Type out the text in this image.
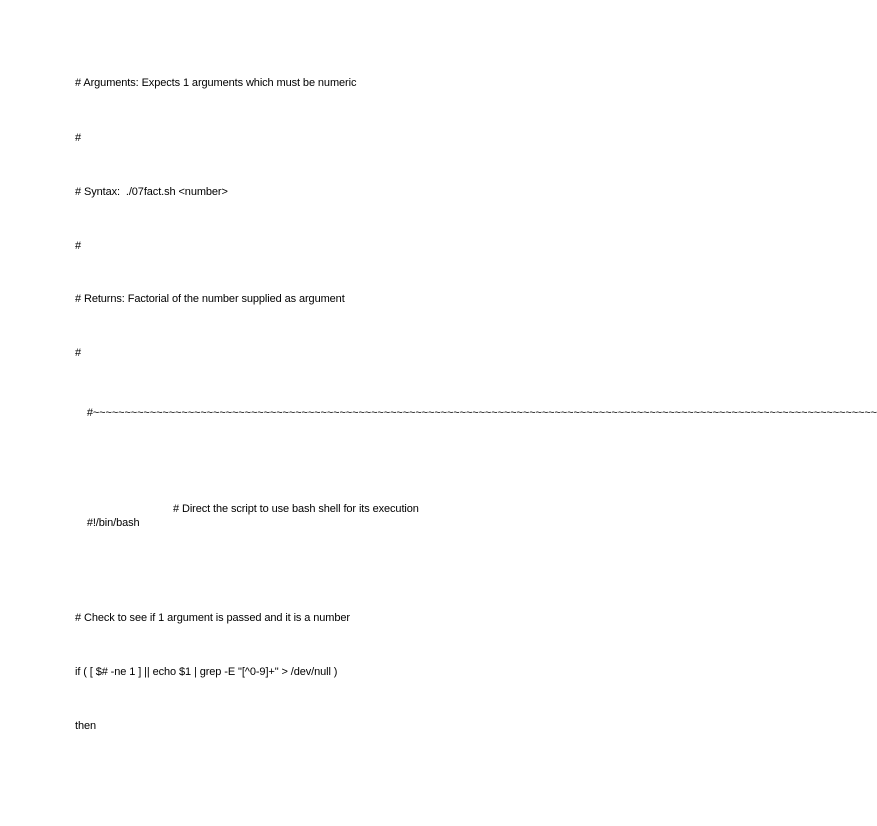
# Arguments: Expects 1 arguments which must be numeric
#
# Syntax:  ./07fact.sh <number>
#
# Returns: Factorial of the number supplied as argument
#

#~~~~~~~~~~~~~~~~~~~~~~~~~~~~~~~~~~~~~~~~~~~~~~~~~~~~~~~~~~~~~~~~~~~~~~~~~~~~~~~~~~~~~~~~~~~~~~~~~~~~~~~~~~~~~~~~~~~~~~~~~~~~

#!/bin/bash

# Direct the script to use bash shell for its execution

# Check to see if 1 argument is passed and it is a number
if ( [ $# -ne 1 ] || echo $1 | grep -E "[^0-9]+" > /dev/null )
then
